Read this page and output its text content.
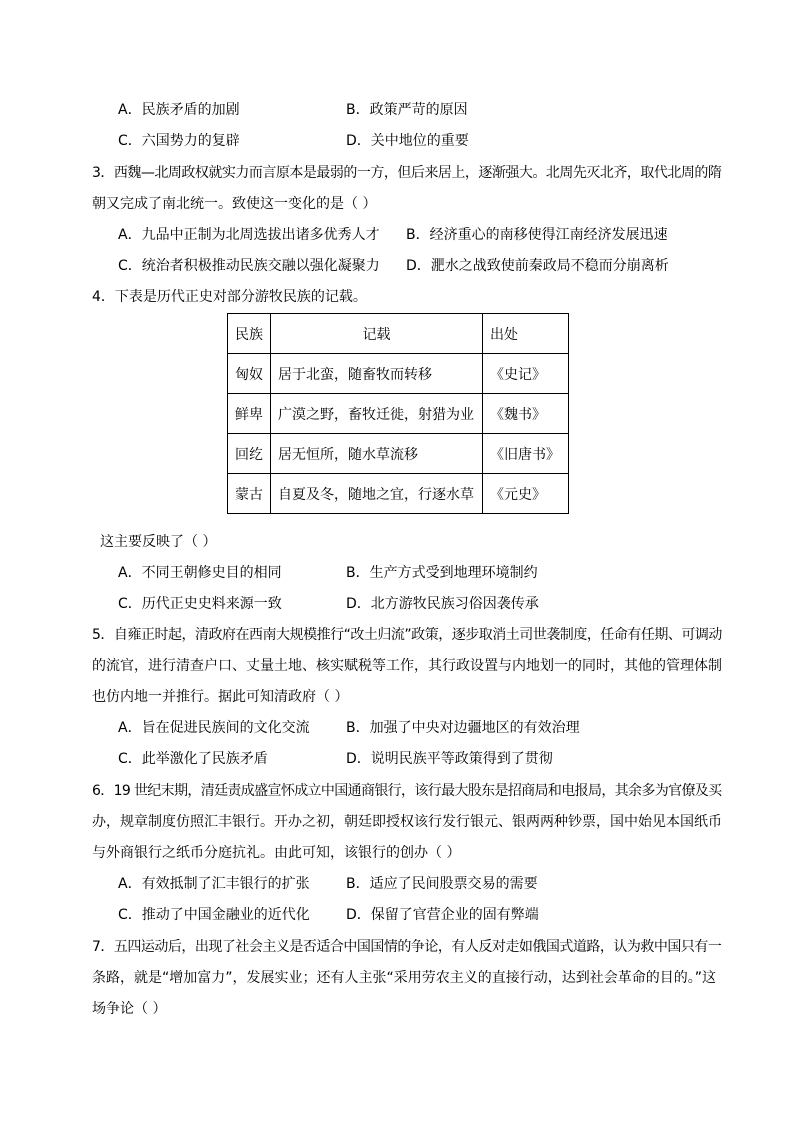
A．民族矛盾的加剧	B．政策严苛的原因
C．六国势力的复辟	D．关中地位的重要
3．西魏—北周政权就实力而言原本是最弱的一方，但后来居上，逐渐强大。北周先灭北齐，取代北周的隋
朝又完成了南北统一。致使这一变化的是（ ）
A．九品中正制为北周选拔出诸多优秀人才 B．经济重心的南移使得江南经济发展迅速
C．统治者积极推动民族交融以强化凝聚力 D．淝水之战致使前秦政局不稳而分崩离析
4．下表是历代正史对部分游牧民族的记载。
民族	记载	出处
匈奴	居于北蛮，随畜牧而转移	《史记》
鲜卑	广漠之野，畜牧迁徙，射猎为业	《魏书》
回纥	居无恒所，随水草流移	《旧唐书》
蒙古	自夏及冬，随地之宜，行逐水草	《元史》
这主要反映了（ ）
A．不同王朝修史目的相同	B．生产方式受到地理环境制约
C．历代正史史料来源一致	D．北方游牧民族习俗因袭传承
5．自雍正时起，清政府在西南大规模推行“改土归流”政策，逐步取消土司世袭制度，任命有任期、可调动
的流官，进行清查户口、丈量土地、核实赋税等工作，其行政设置与内地划一的同时，其他的管理体制
也仿内地一并推行。据此可知清政府（ ）
A．旨在促进民族间的文化交流	B．加强了中央对边疆地区的有效治理
C．此举激化了民族矛盾	D．说明民族平等政策得到了贯彻
6．19 世纪末期，清廷责成盛宣怀成立中国通商银行，该行最大股东是招商局和电报局，其余多为官僚及买
办，规章制度仿照汇丰银行。开办之初，朝廷即授权该行发行银元、银两两种钞票，国中始见本国纸币
与外商银行之纸币分庭抗礼。由此可知，该银行的创办（ ）
A．有效抵制了汇丰银行的扩张	B．适应了民间股票交易的需要
C．推动了中国金融业的近代化	D．保留了官营企业的固有弊端
7．五四运动后，出现了社会主义是否适合中国国情的争论，有人反对走如俄国式道路，认为救中国只有一
条路，就是“增加富力”，发展实业；还有人主张“采用劳农主义的直接行动，达到社会革命的目的。”这
场争论（ ）
